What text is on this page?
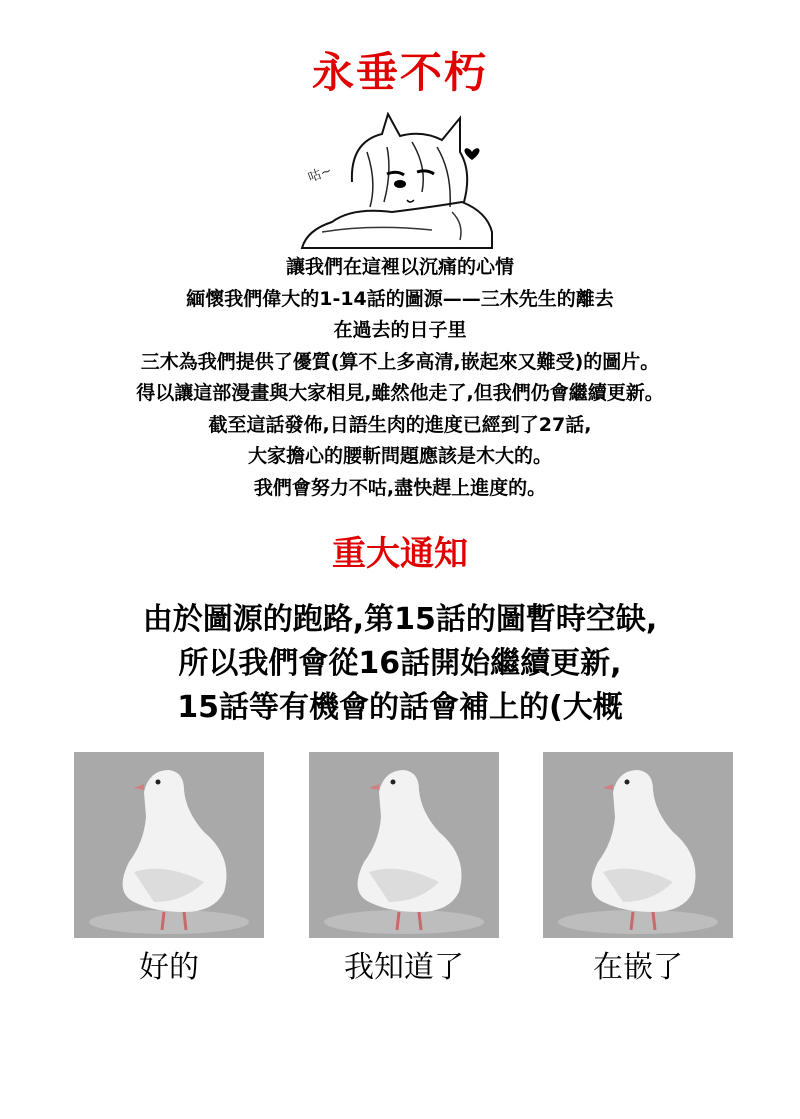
永垂不朽
咕~
讓我們在這裡以沉痛的心情
緬懷我們偉大的1-14話的圖源——三木先生的離去
在過去的日子里
三木為我們提供了優質(算不上多高清,嵌起來又難受)的圖片。
得以讓這部漫畫與大家相見,雖然他走了,但我們仍會繼續更新。
截至這話發佈,日語生肉的進度已經到了27話,
大家擔心的腰斬問題應該是木大的。
我們會努力不咕,盡快趕上進度的。
重大通知
由於圖源的跑路,第15話的圖暫時空缺,
所以我們會從16話開始繼續更新,
15話等有機會的話會補上的(大概
好的	我知道了	在嵌了
